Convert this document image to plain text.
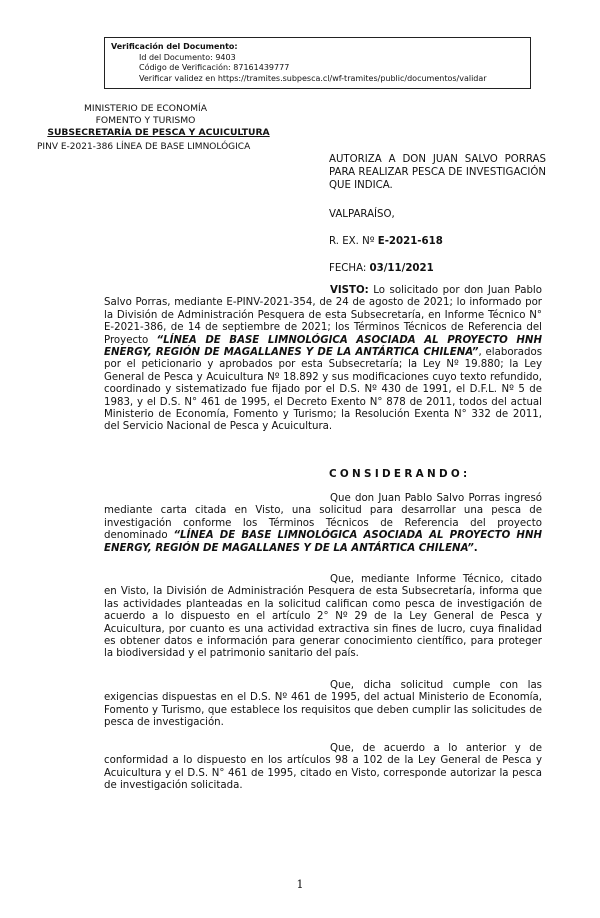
Verificación del Documento:
• Id del Documento: 9403
• Código de Verificación: 87161439777
• Verificar validez en https://tramites.subpesca.cl/wf-tramites/public/documentos/validar
MINISTERIO DE ECONOMÍA
FOMENTO Y TURISMO
SUBSECRETARÍA DE PESCA Y ACUICULTURA
PINV E-2021-386 LÍNEA DE BASE LIMNOLÓGICA
AUTORIZA A DON JUAN SALVO PORRAS PARA REALIZAR PESCA DE INVESTIGACIÓN QUE INDICA.
VALPARAÍSO,
R. EX. Nº E-2021-618
FECHA: 03/11/2021
VISTO: Lo solicitado por don Juan Pablo Salvo Porras, mediante E-PINV-2021-354, de 24 de agosto de 2021; lo informado por la División de Administración Pesquera de esta Subsecretaría, en Informe Técnico N° E-2021-386, de 14 de septiembre de 2021; los Términos Técnicos de Referencia del Proyecto “LÍNEA DE BASE LIMNOLÓGICA ASOCIADA AL PROYECTO HNH ENERGY, REGIÓN DE MAGALLANES Y DE LA ANTÁRTICA CHILENA”, elaborados por el peticionario y aprobados por esta Subsecretaría; la Ley Nº 19.880; la Ley General de Pesca y Acuicultura Nº 18.892 y sus modificaciones cuyo texto refundido, coordinado y sistematizado fue fijado por el D.S. Nº 430 de 1991, el D.F.L. Nº 5 de 1983, y el D.S. N° 461 de 1995, el Decreto Exento N° 878 de 2011, todos del actual Ministerio de Economía, Fomento y Turismo; la Resolución Exenta N° 332 de 2011, del Servicio Nacional de Pesca y Acuicultura.
CONSIDERANDO:
Que don Juan Pablo Salvo Porras ingresó mediante carta citada en Visto, una solicitud para desarrollar una pesca de investigación conforme los Términos Técnicos de Referencia del proyecto denominado “LÍNEA DE BASE LIMNOLÓGICA ASOCIADA AL PROYECTO HNH ENERGY, REGIÓN DE MAGALLANES Y DE LA ANTÁRTICA CHILENA”.
Que, mediante Informe Técnico, citado en Visto, la División de Administración Pesquera de esta Subsecretaría, informa que las actividades planteadas en la solicitud califican como pesca de investigación de acuerdo a lo dispuesto en el artículo 2° Nº 29 de la Ley General de Pesca y Acuicultura, por cuanto es una actividad extractiva sin fines de lucro, cuya finalidad es obtener datos e información para generar conocimiento científico, para proteger la biodiversidad y el patrimonio sanitario del país.
Que, dicha solicitud cumple con las exigencias dispuestas en el D.S. Nº 461 de 1995, del actual Ministerio de Economía, Fomento y Turismo, que establece los requisitos que deben cumplir las solicitudes de pesca de investigación.
Que, de acuerdo a lo anterior y de conformidad a lo dispuesto en los artículos 98 a 102 de la Ley General de Pesca y Acuicultura y el D.S. N° 461 de 1995, citado en Visto, corresponde autorizar la pesca de investigación solicitada.
1
